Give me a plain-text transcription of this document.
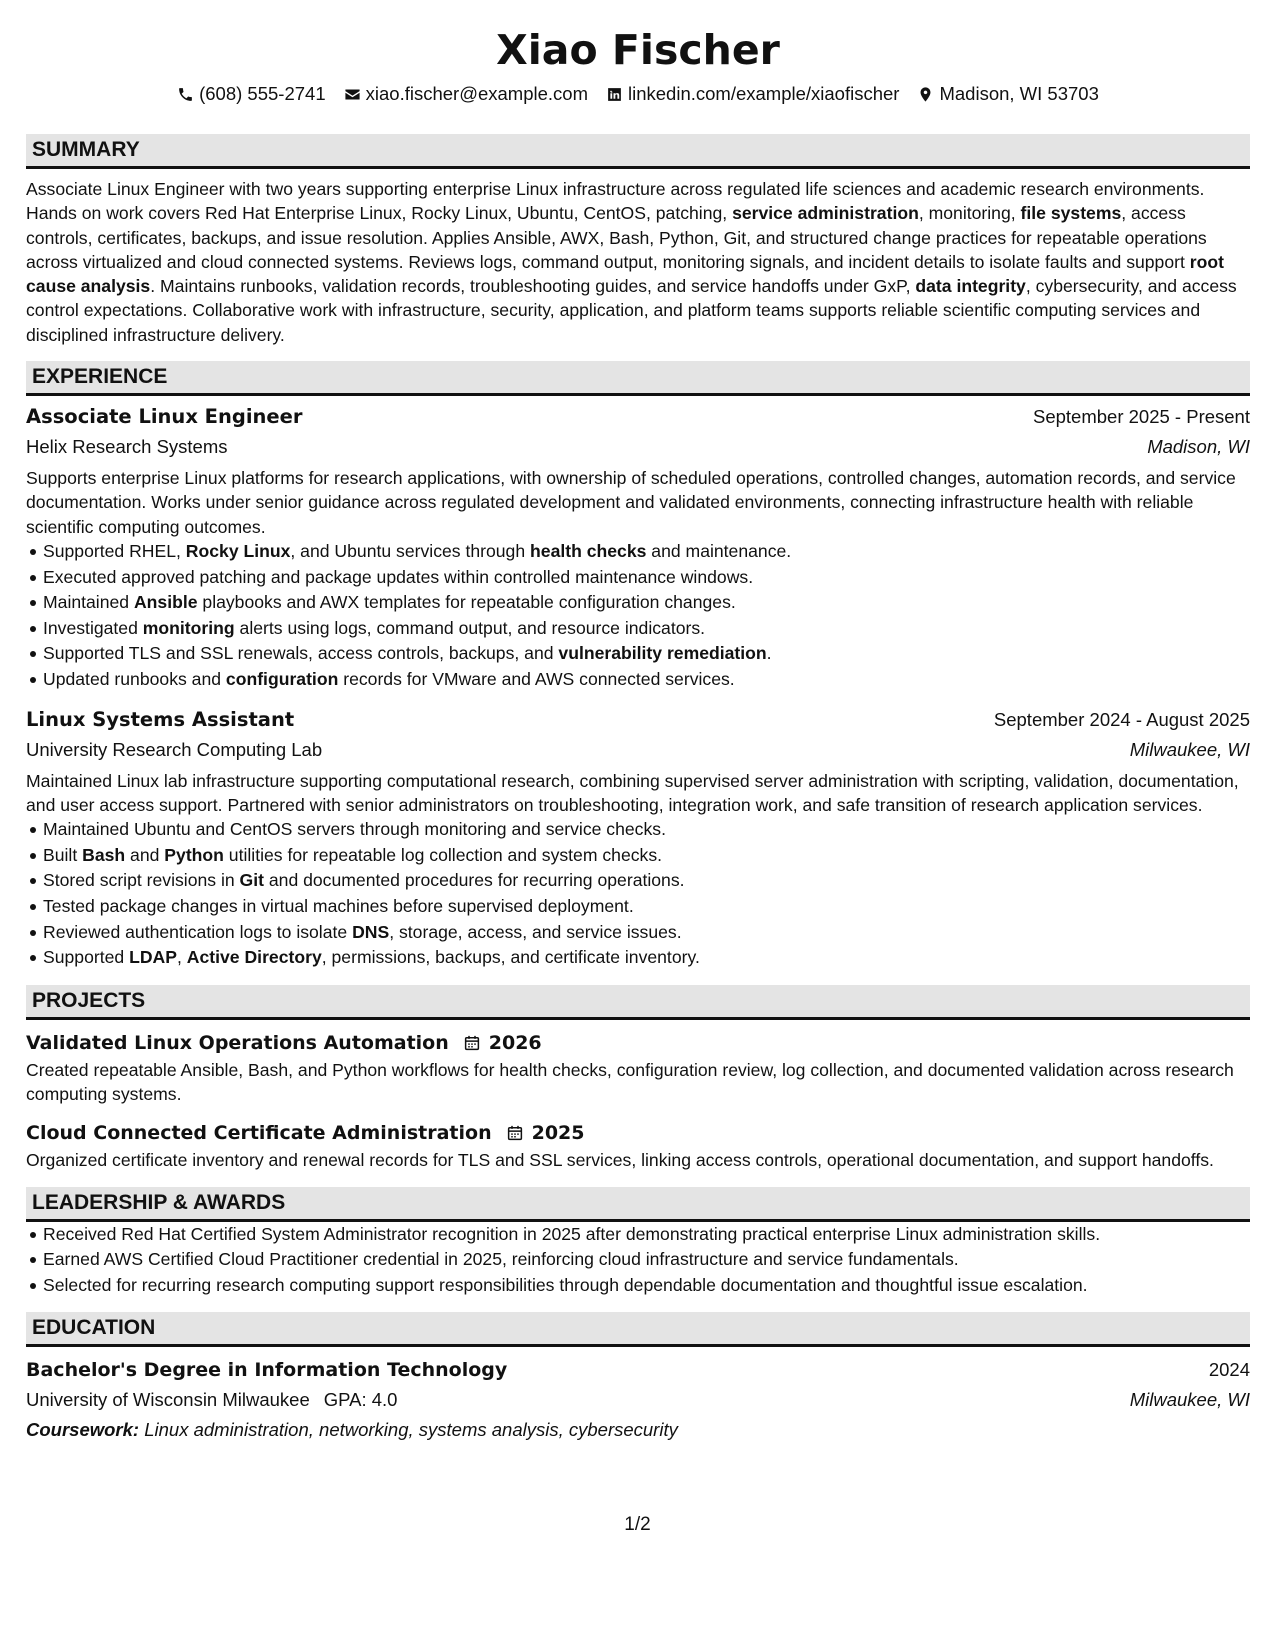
Xiao Fischer
(608) 555-2741 xiao.fischer@example.com linkedin.com/example/xiaofischer Madison, WI 53703
SUMMARY

Associate Linux Engineer with two years supporting enterprise Linux infrastructure across regulated life sciences and academic research environments. Hands on work covers Red Hat Enterprise Linux, Rocky Linux, Ubuntu, CentOS, patching, service administration, monitoring, file systems, access controls, certificates, backups, and issue resolution. Applies Ansible, AWX, Bash, Python, Git, and structured change practices for repeatable operations across virtualized and cloud connected systems. Reviews logs, command output, monitoring signals, and incident details to isolate faults and support root cause analysis. Maintains runbooks, validation records, troubleshooting guides, and service handoffs under GxP, data integrity, cybersecurity, and access control expectations. Collaborative work with infrastructure, security, application, and platform teams supports reliable scientific computing services and disciplined infrastructure delivery.

EXPERIENCE
Associate Linux Engineer	September 2025 - Present
Helix Research Systems	Madison, WI

Supports enterprise Linux platforms for research applications, with ownership of scheduled operations, controlled changes, automation records, and service documentation. Works under senior guidance across regulated development and validated environments, connecting infrastructure health with reliable scientific computing outcomes.

Supported RHEL, Rocky Linux, and Ubuntu services through health checks and maintenance.
Executed approved patching and package updates within controlled maintenance windows.
Maintained Ansible playbooks and AWX templates for repeatable configuration changes.
Investigated monitoring alerts using logs, command output, and resource indicators.
Supported TLS and SSL renewals, access controls, backups, and vulnerability remediation.
Updated runbooks and configuration records for VMware and AWS connected services.
Linux Systems Assistant	September 2024 - August 2025
University Research Computing Lab	Milwaukee, WI

Maintained Linux lab infrastructure supporting computational research, combining supervised server administration with scripting, validation, documentation, and user access support. Partnered with senior administrators on troubleshooting, integration work, and safe transition of research application services.

Maintained Ubuntu and CentOS servers through monitoring and service checks.
Built Bash and Python utilities for repeatable log collection and system checks.
Stored script revisions in Git and documented procedures for recurring operations.
Tested package changes in virtual machines before supervised deployment.
Reviewed authentication logs to isolate DNS, storage, access, and service issues.
Supported LDAP, Active Directory, permissions, backups, and certificate inventory.
PROJECTS
Validated Linux Operations Automation 2026

Created repeatable Ansible, Bash, and Python workflows for health checks, configuration review, log collection, and documented validation across research computing systems.

Cloud Connected Certificate Administration 2025

Organized certificate inventory and renewal records for TLS and SSL services, linking access controls, operational documentation, and support handoffs.

LEADERSHIP & AWARDS
Received Red Hat Certified System Administrator recognition in 2025 after demonstrating practical enterprise Linux administration skills.
Earned AWS Certified Cloud Practitioner credential in 2025, reinforcing cloud infrastructure and service fundamentals.
Selected for recurring research computing support responsibilities through dependable documentation and thoughtful issue escalation.
EDUCATION
Bachelor's Degree in Information Technology	2024
University of Wisconsin Milwaukee GPA: 4.0	Milwaukee, WI
Coursework: Linux administration, networking, systems analysis, cybersecurity
1/2
